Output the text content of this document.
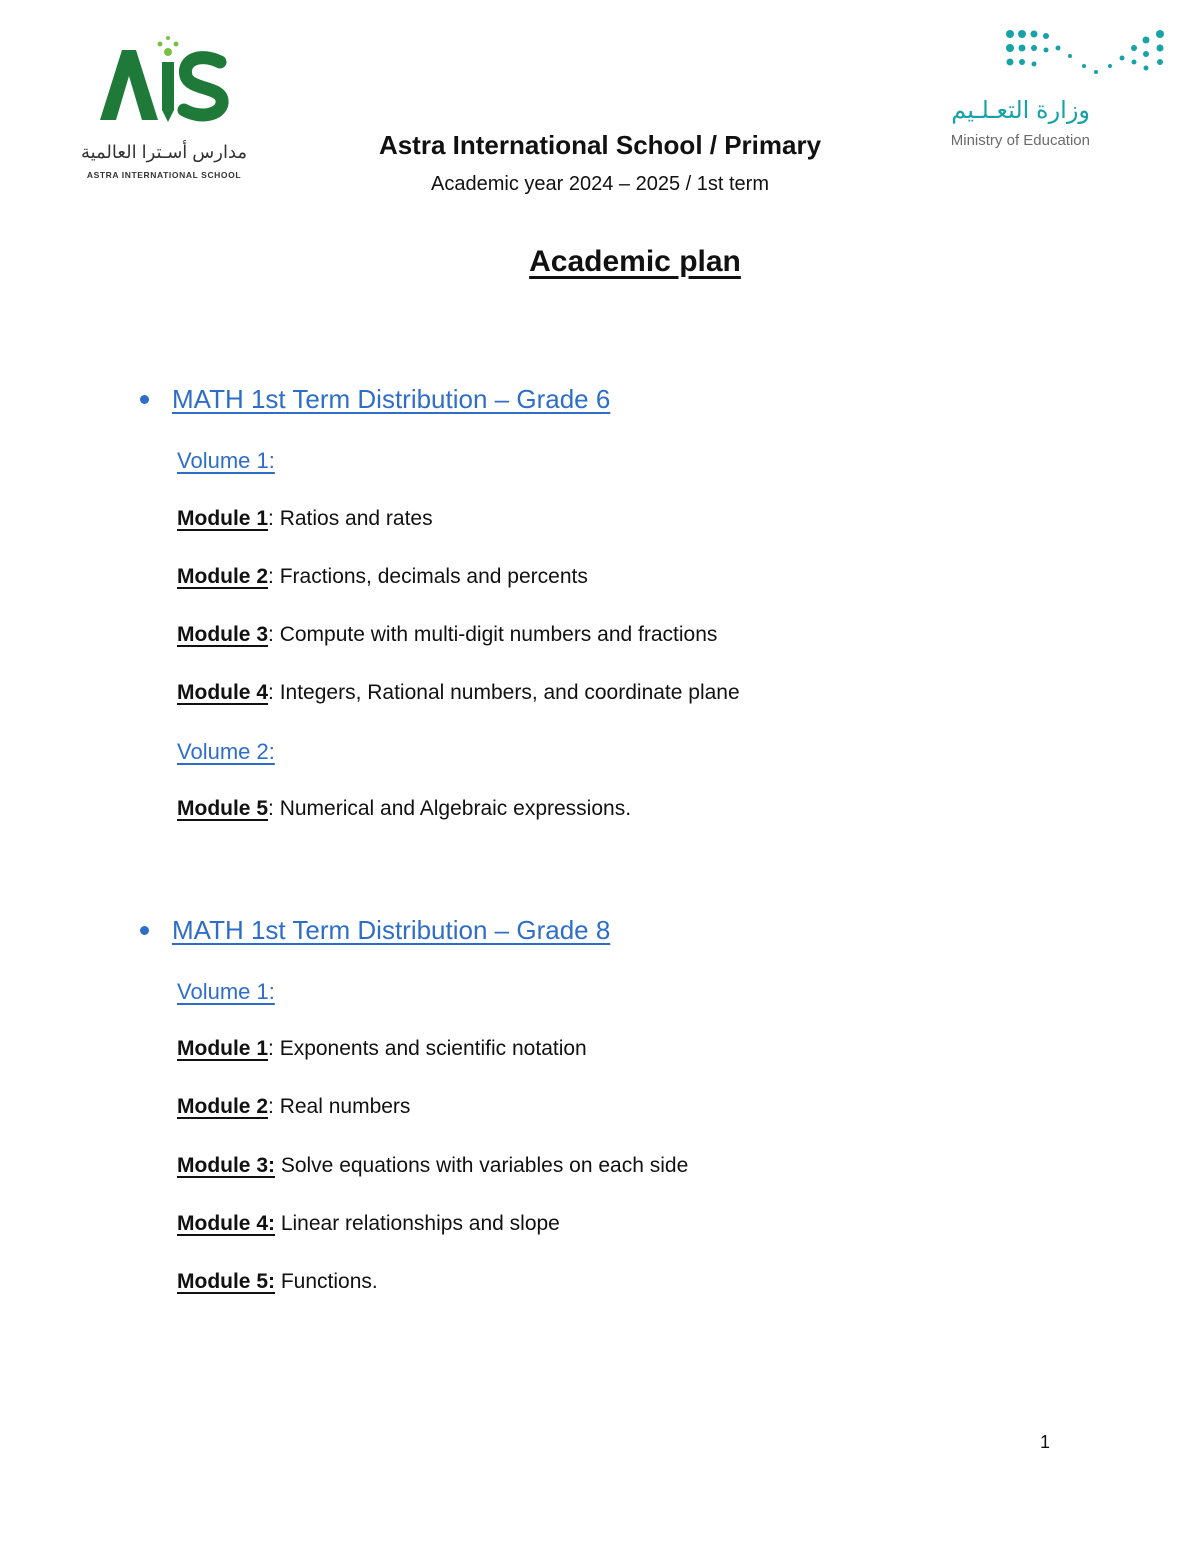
مدارس أسـترا العالمية
ASTRA INTERNATIONAL SCHOOL
وزارة التعـلـيم
Ministry of Education
Astra International School / Primary
Academic year 2024 – 2025 / 1st term
Academic plan
MATH 1st Term Distribution – Grade 6
Volume 1:
Module 1: Ratios and rates
Module 2: Fractions, decimals and percents
Module 3: Compute with multi-digit numbers and fractions
Module 4: Integers, Rational numbers, and coordinate plane
Volume 2:
Module 5: Numerical and Algebraic expressions.
MATH 1st Term Distribution – Grade 8
Volume 1:
Module 1: Exponents and scientific notation
Module 2: Real numbers
Module 3: Solve equations with variables on each side
Module 4: Linear relationships and slope
Module 5: Functions.
1
